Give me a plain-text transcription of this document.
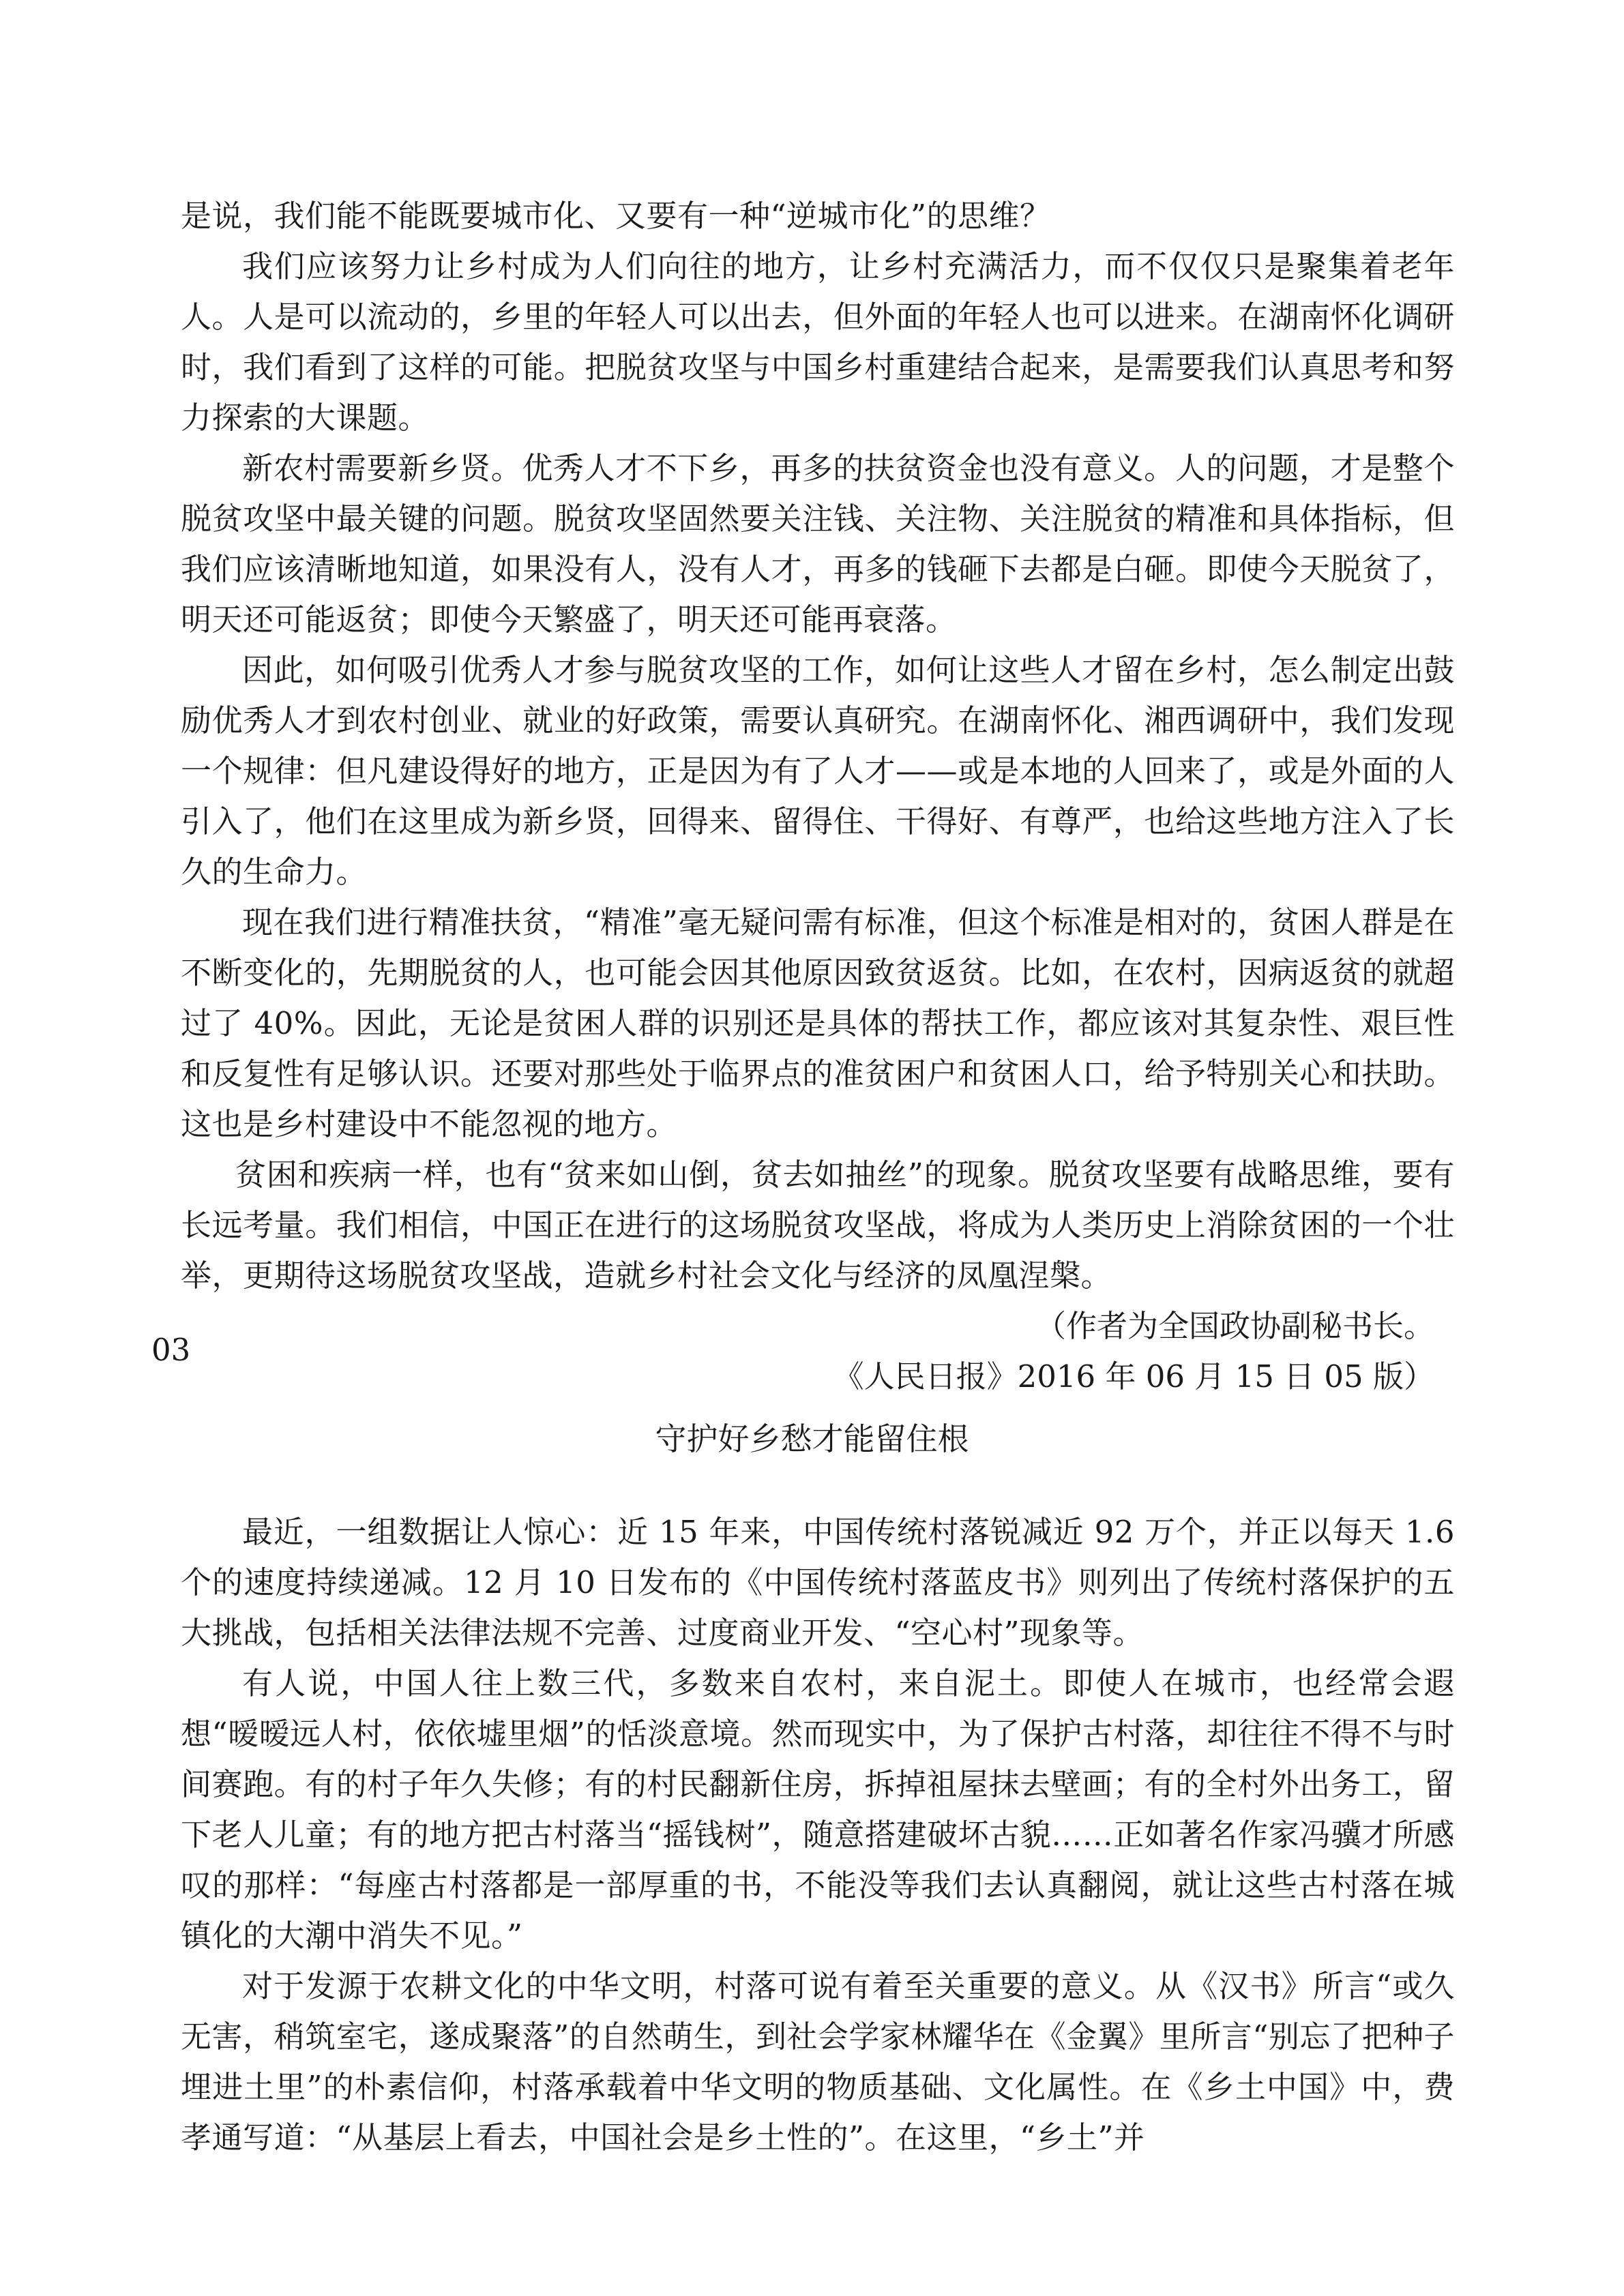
是说，我们能不能既要城市化、又要有一种“逆城市化”的思维？

我们应该努力让乡村成为人们向往的地方，让乡村充满活力，而不仅仅只是聚集着老年人。人是可以流动的，乡里的年轻人可以出去，但外面的年轻人也可以进来。在湖南怀化调研时，我们看到了这样的可能。把脱贫攻坚与中国乡村重建结合起来，是需要我们认真思考和努力探索的大课题。

新农村需要新乡贤。优秀人才不下乡，再多的扶贫资金也没有意义。人的问题，才是整个脱贫攻坚中最关键的问题。脱贫攻坚固然要关注钱、关注物、关注脱贫的精准和具体指标，但我们应该清晰地知道，如果没有人，没有人才，再多的钱砸下去都是白砸。即使今天脱贫了，明天还可能返贫；即使今天繁盛了，明天还可能再衰落。

因此，如何吸引优秀人才参与脱贫攻坚的工作，如何让这些人才留在乡村，怎么制定出鼓励优秀人才到农村创业、就业的好政策，需要认真研究。在湖南怀化、湘西调研中，我们发现一个规律：但凡建设得好的地方，正是因为有了人才——或是本地的人回来了，或是外面的人引入了，他们在这里成为新乡贤，回得来、留得住、干得好、有尊严，也给这些地方注入了长久的生命力。

现在我们进行精准扶贫，“精准”毫无疑问需有标准，但这个标准是相对的，贫困人群是在不断变化的，先期脱贫的人，也可能会因其他原因致贫返贫。比如，在农村，因病返贫的就超过了 40%。因此，无论是贫困人群的识别还是具体的帮扶工作，都应该对其复杂性、艰巨性和反复性有足够认识。还要对那些处于临界点的准贫困户和贫困人口，给予特别关心和扶助。这也是乡村建设中不能忽视的地方。

贫困和疾病一样，也有“贫来如山倒，贫去如抽丝”的现象。脱贫攻坚要有战略思维，要有长远考量。我们相信，中国正在进行的这场脱贫攻坚战，将成为人类历史上消除贫困的一个壮举，更期待这场脱贫攻坚战，造就乡村社会文化与经济的凤凰涅槃。

（作者为全国政协副秘书长。

《人民日报》2016 年 06 月 15 日 05 版）

03

守护好乡愁才能留住根

最近，一组数据让人惊心：近 15 年来，中国传统村落锐减近 92 万个，并正以每天 1.6 个的速度持续递减。12 月 10 日发布的《中国传统村落蓝皮书》则列出了传统村落保护的五大挑战，包括相关法律法规不完善、过度商业开发、“空心村”现象等。

有人说，中国人往上数三代，多数来自农村，来自泥土。即使人在城市，也经常会遐想“暧暧远人村，依依墟里烟”的恬淡意境。然而现实中，为了保护古村落，却往往不得不与时间赛跑。有的村子年久失修；有的村民翻新住房，拆掉祖屋抹去壁画；有的全村外出务工，留下老人儿童；有的地方把古村落当“摇钱树”，随意搭建破坏古貌……正如著名作家冯骥才所感叹的那样：“每座古村落都是一部厚重的书，不能没等我们去认真翻阅，就让这些古村落在城镇化的大潮中消失不见。”

对于发源于农耕文化的中华文明，村落可说有着至关重要的意义。从《汉书》所言“或久无害，稍筑室宅，遂成聚落”的自然萌生，到社会学家林耀华在《金翼》里所言“别忘了把种子埋进土里”的朴素信仰，村落承载着中华文明的物质基础、文化属性。在《乡土中国》中，费孝通写道：“从基层上看去，中国社会是乡土性的”。在这里，“乡土”并
